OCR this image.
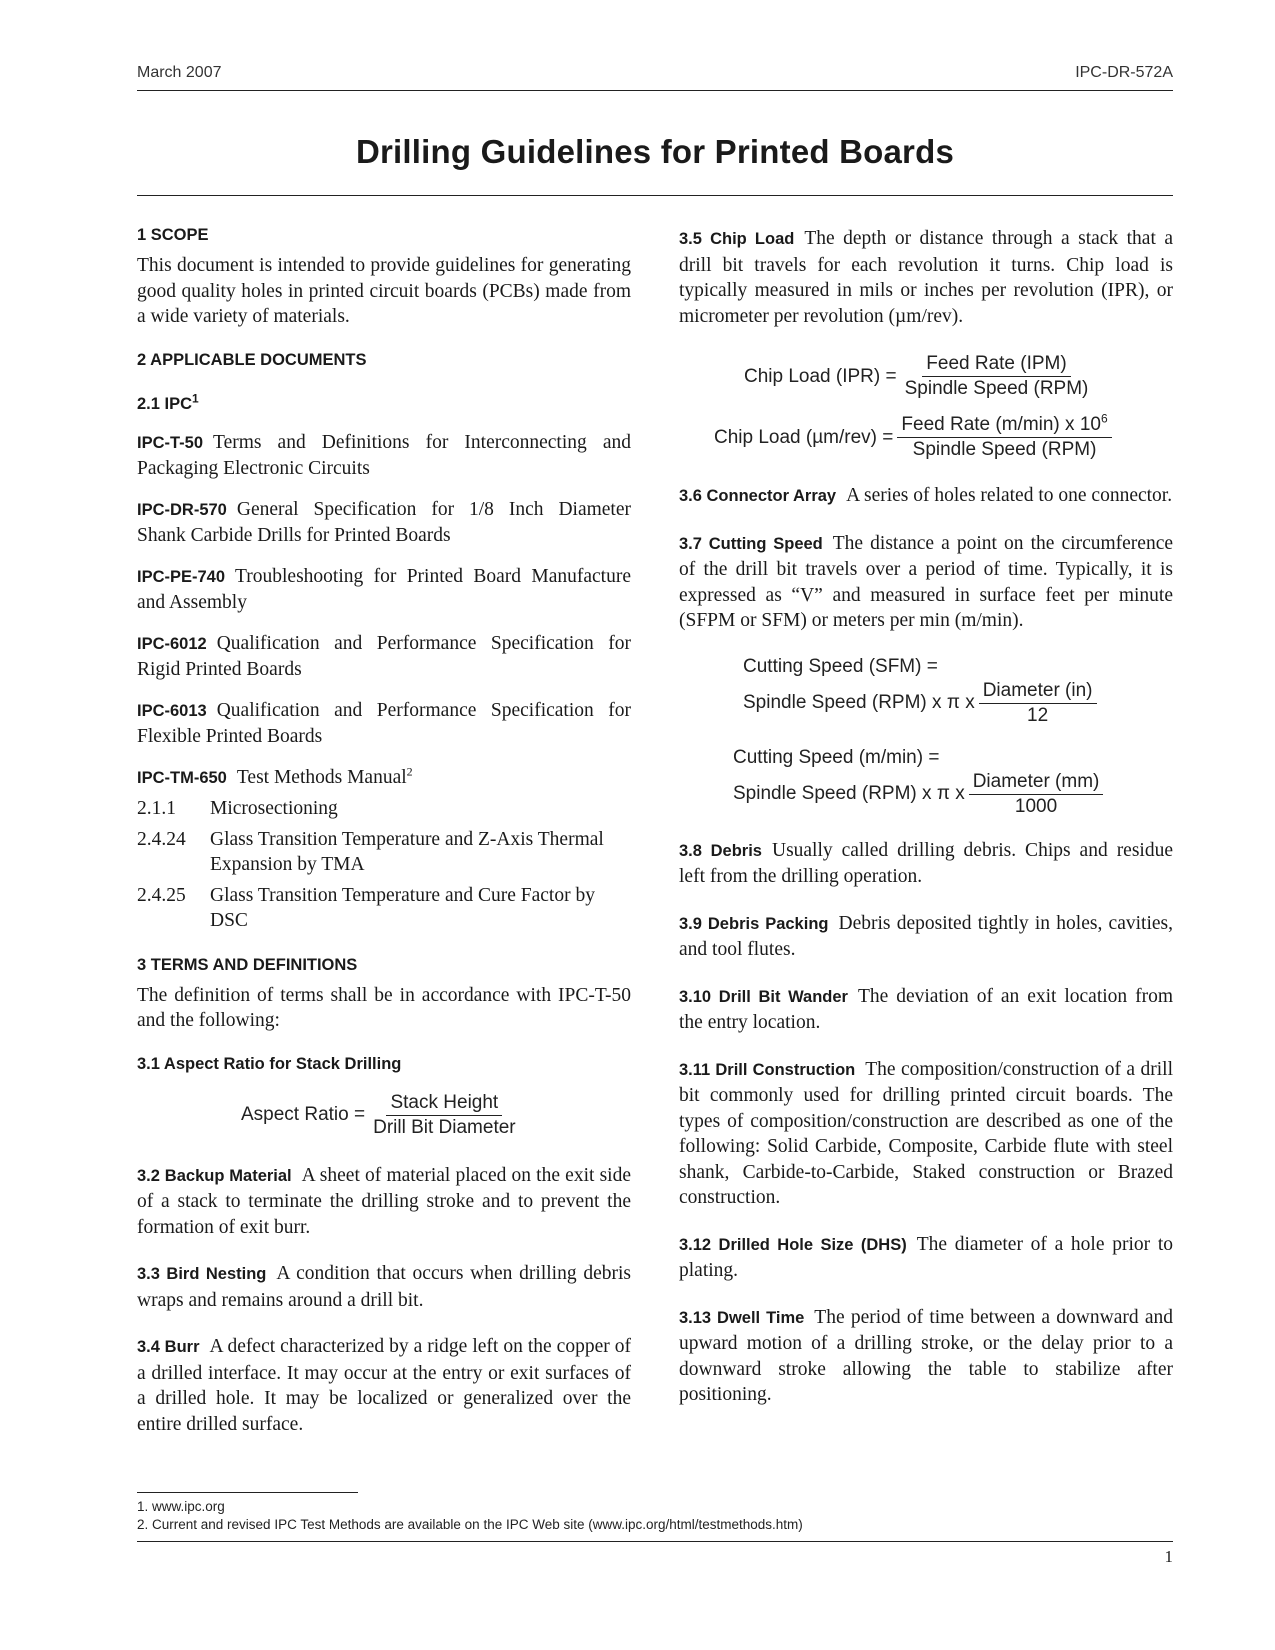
March 2007	IPC-DR-572A
Drilling Guidelines for Printed Boards
1 SCOPE

This document is intended to provide guidelines for generating good quality holes in printed circuit boards (PCBs) made from a wide variety of materials.

2 APPLICABLE DOCUMENTS
2.1 IPC$^1$
IPC-T-50 Terms and Definitions for Interconnecting and Packaging Electronic Circuits
IPC-DR-570 General Specification for 1/8 Inch Diameter Shank Carbide Drills for Printed Boards
IPC-PE-740 Troubleshooting for Printed Board Manufacture and Assembly
IPC-6012 Qualification and Performance Specification for Rigid Printed Boards
IPC-6013 Qualification and Performance Specification for Flexible Printed Boards
IPC-TM-650 Test Methods Manual$^2$
2.1.1	Microsectioning
2.4.24	Glass Transition Temperature and Z-Axis Thermal Expansion by TMA
2.4.25	Glass Transition Temperature and Cure Factor by DSC
3 TERMS AND DEFINITIONS

The definition of terms shall be in accordance with IPC-T-50 and the following:

3.1 Aspect Ratio for Stack Drilling
Aspect Ratio = $\frac{\text{Stack Height}}{\text{Drill Bit Diameter}}$
3.2 Backup Material A sheet of material placed on the exit side of a stack to terminate the drilling stroke and to prevent the formation of exit burr.
3.3 Bird Nesting A condition that occurs when drilling debris wraps and remains around a drill bit.
3.4 Burr A defect characterized by a ridge left on the copper of a drilled interface. It may occur at the entry or exit surfaces of a drilled hole. It may be localized or generalized over the entire drilled surface.
3.5 Chip Load The depth or distance through a stack that a drill bit travels for each revolution it turns. Chip load is typically measured in mils or inches per revolution (IPR), or micrometer per revolution (µm/rev).
Chip Load $(IPR) = \frac{\text{Feed Rate (IPM)}}{\text{Spindle Speed (RPM)}}$
Chip Load $(\mu m/rev) = \frac{Feed Rate (m/\min) x 10^6}{\text{Spindle Speed (RPM)}}$
3.6 Connector Array A series of holes related to one connector.
3.7 Cutting Speed The distance a point on the circumference of the drill bit travels over a period of time. Typically, it is expressed as “V” and measured in surface feet per minute (SFPM or SFM) or meters per min (m/min).
Cutting Speed (SFM) =
Spindle Speed (RPM) x π x $\frac{\text{Diameter (in)}}{12}$
Cutting Speed (m/min) =
Spindle Speed (RPM) x π x $\frac{\text{Diameter (mm)}}{1000}$
3.8 Debris Usually called drilling debris. Chips and residue left from the drilling operation.
3.9 Debris Packing Debris deposited tightly in holes, cavities, and tool flutes.
3.10 Drill Bit Wander The deviation of an exit location from the entry location.
3.11 Drill Construction The composition/construction of a drill bit commonly used for drilling printed circuit boards. The types of composition/construction are described as one of the following: Solid Carbide, Composite, Carbide flute with steel shank, Carbide-to-Carbide, Staked construction or Brazed construction.
3.12 Drilled Hole Size (DHS) The diameter of a hole prior to plating.
3.13 Dwell Time The period of time between a downward and upward motion of a drilling stroke, or the delay prior to a downward stroke allowing the table to stabilize after positioning.
1. www.ipc.org
2. Current and revised IPC Test Methods are available on the IPC Web site (www.ipc.org/html/testmethods.htm)
1
